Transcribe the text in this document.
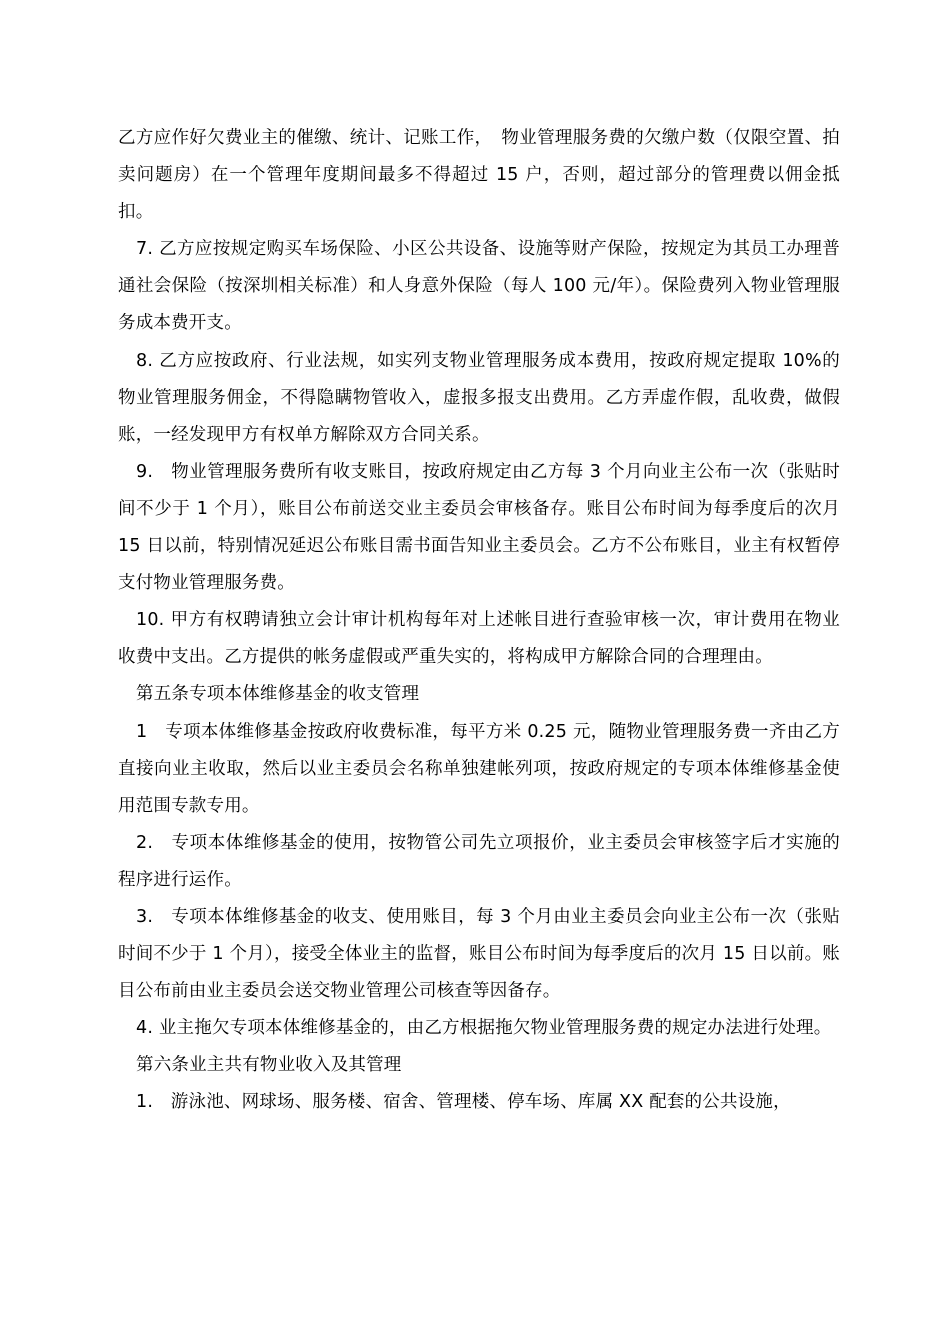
乙方应作好欠费业主的催缴、统计、记账工作，　物业管理服务费的欠缴户数（仅限空置、拍卖问题房）在一个管理年度期间最多不得超过 15 户，否则，超过部分的管理费以佣金抵扣。

7. 乙方应按规定购买车场保险、小区公共设备、设施等财产保险，按规定为其员工办理普通社会保险（按深圳相关标准）和人身意外保险（每人 100 元/年）。保险费列入物业管理服务成本费开支。

8. 乙方应按政府、行业法规，如实列支物业管理服务成本费用，按政府规定提取 10%的物业管理服务佣金，不得隐瞒物管收入，虚报多报支出费用。乙方弄虚作假，乱收费，做假账，一经发现甲方有权单方解除双方合同关系。

9.　物业管理服务费所有收支账目，按政府规定由乙方每 3 个月向业主公布一次（张贴时间不少于 1 个月），账目公布前送交业主委员会审核备存。账目公布时间为每季度后的次月 15 日以前，特别情况延迟公布账目需书面告知业主委员会。乙方不公布账目，业主有权暂停支付物业管理服务费。

10. 甲方有权聘请独立会计审计机构每年对上述帐目进行查验审核一次，审计费用在物业收费中支出。乙方提供的帐务虚假或严重失实的，将构成甲方解除合同的合理理由。

第五条专项本体维修基金的收支管理

1　专项本体维修基金按政府收费标准，每平方米 0.25 元，随物业管理服务费一齐由乙方直接向业主收取，然后以业主委员会名称单独建帐列项，按政府规定的专项本体维修基金使用范围专款专用。

2.　专项本体维修基金的使用，按物管公司先立项报价，业主委员会审核签字后才实施的程序进行运作。

3.　专项本体维修基金的收支、使用账目，每 3 个月由业主委员会向业主公布一次（张贴时间不少于 1 个月），接受全体业主的监督，账目公布时间为每季度后的次月 15 日以前。账目公布前由业主委员会送交物业管理公司核查等因备存。

4. 业主拖欠专项本体维修基金的，由乙方根据拖欠物业管理服务费的规定办法进行处理。

第六条业主共有物业收入及其管理

1.　游泳池、网球场、服务楼、宿舍、管理楼、停车场、库属 XX 配套的公共设施，
